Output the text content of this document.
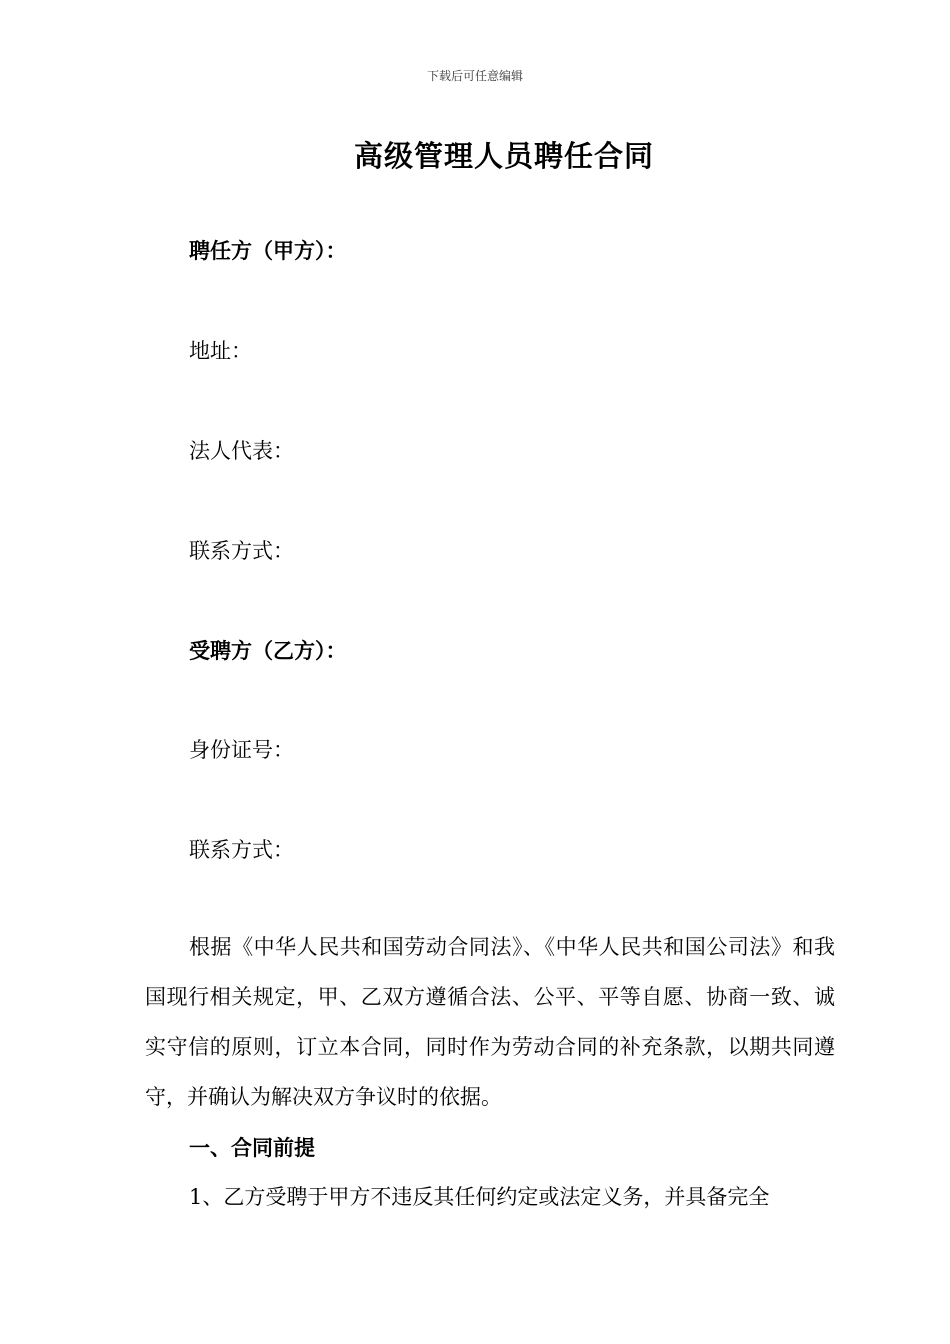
下载后可任意编辑
高级管理人员聘任合同
聘任方（甲方）：
地址：
法人代表：
联系方式：
受聘方（乙方）：
身份证号：
联系方式：
根据《中华人民共和国劳动合同法》、《中华人民共和国公司法》和我国现行相关规定，甲、乙双方遵循合法、公平、平等自愿、协商一致、诚实守信的原则，订立本合同，同时作为劳动合同的补充条款，以期共同遵守，并确认为解决双方争议时的依据。
一、合同前提
1、乙方受聘于甲方不违反其任何约定或法定义务，并具备完全
